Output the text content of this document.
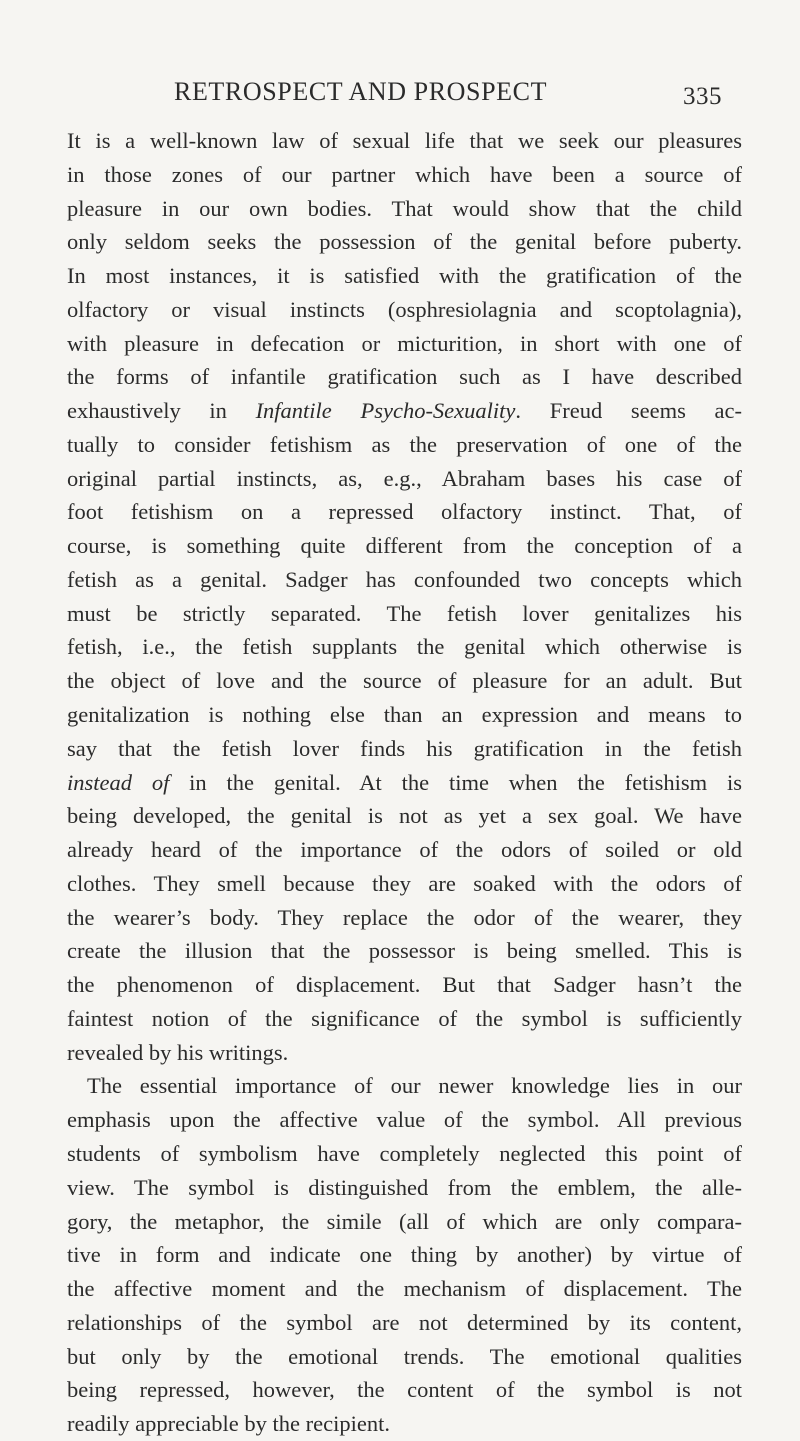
RETROSPECT AND PROSPECT	335
It is a well-known law of sexual life that we seek our pleasures
in those zones of our partner which have been a source of
pleasure in our own bodies. That would show that the child
only seldom seeks the possession of the genital before puberty.
In most instances, it is satisfied with the gratification of the
olfactory or visual instincts (osphresiolagnia and scoptolagnia),
with pleasure in defecation or micturition, in short with one of
the forms of infantile gratification such as I have described
exhaustively in Infantile Psycho-Sexuality. Freud seems ac-
tually to consider fetishism as the preservation of one of the
original partial instincts, as, e.g., Abraham bases his case of
foot fetishism on a repressed olfactory instinct. That, of
course, is something quite different from the conception of a
fetish as a genital. Sadger has confounded two concepts which
must be strictly separated. The fetish lover genitalizes his
fetish, i.e., the fetish supplants the genital which otherwise is
the object of love and the source of pleasure for an adult. But
genitalization is nothing else than an expression and means to
say that the fetish lover finds his gratification in the fetish
instead of in the genital. At the time when the fetishism is
being developed, the genital is not as yet a sex goal. We have
already heard of the importance of the odors of soiled or old
clothes. They smell because they are soaked with the odors of
the wearer’s body. They replace the odor of the wearer, they
create the illusion that the possessor is being smelled. This is
the phenomenon of displacement. But that Sadger hasn’t the
faintest notion of the significance of the symbol is sufficiently
revealed by his writings.
The essential importance of our newer knowledge lies in our
emphasis upon the affective value of the symbol. All previous
students of symbolism have completely neglected this point of
view. The symbol is distinguished from the emblem, the alle-
gory, the metaphor, the simile (all of which are only compara-
tive in form and indicate one thing by another) by virtue of
the affective moment and the mechanism of displacement. The
relationships of the symbol are not determined by its content,
but only by the emotional trends. The emotional qualities
being repressed, however, the content of the symbol is not
readily appreciable by the recipient.
